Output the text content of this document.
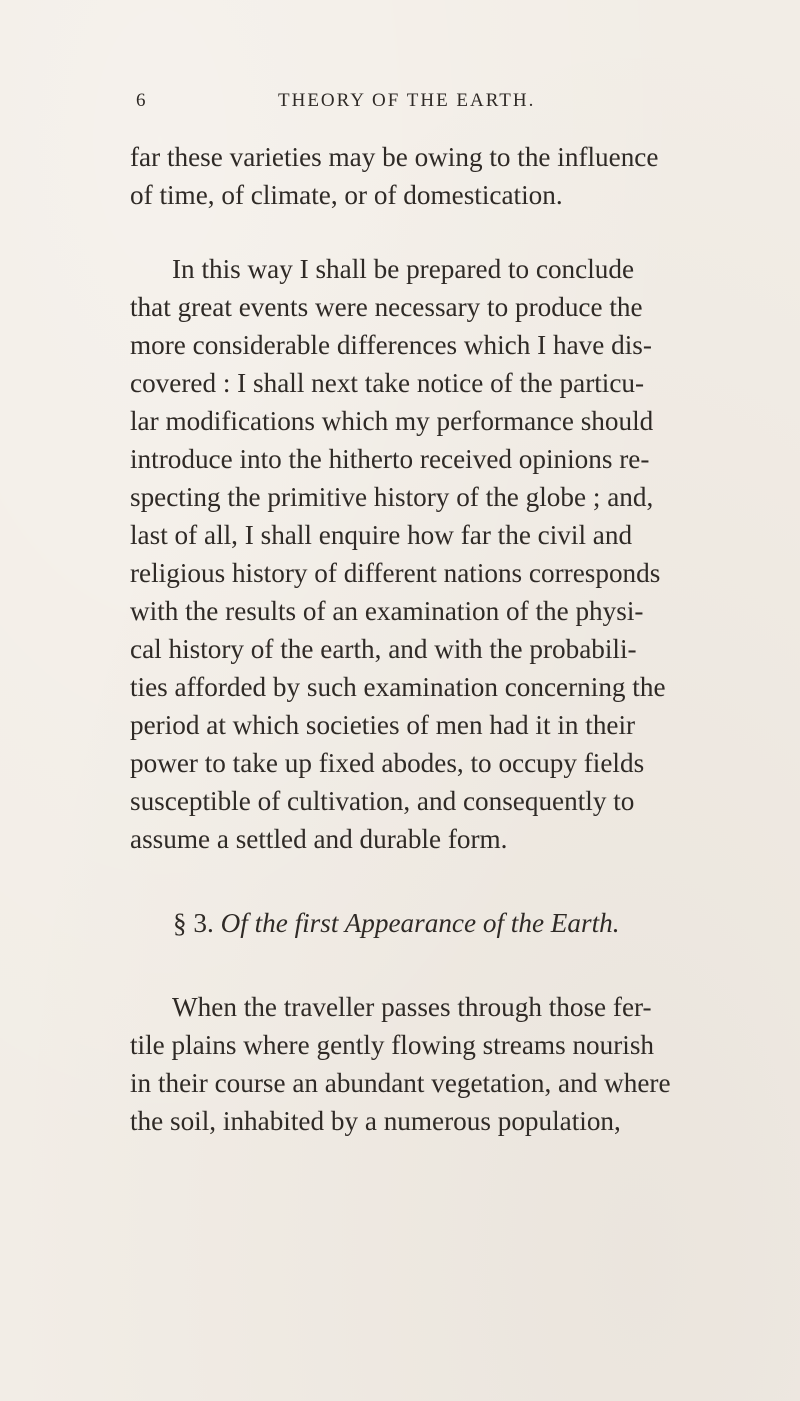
6	THEORY OF THE EARTH.
far these varieties may be owing to the influence
of time, of climate, or of domestication.
In this way I shall be prepared to conclude
that great events were necessary to produce the
more considerable differences which I have dis-
covered : I shall next take notice of the particu-
lar modifications which my performance should
introduce into the hitherto received opinions re-
specting the primitive history of the globe ; and,
last of all, I shall enquire how far the civil and
religious history of different nations corresponds
with the results of an examination of the physi-
cal history of the earth, and with the probabili-
ties afforded by such examination concerning the
period at which societies of men had it in their
power to take up fixed abodes, to occupy fields
susceptible of cultivation, and consequently to
assume a settled and durable form.
§ 3. Of the first Appearance of the Earth.
When the traveller passes through those fer-
tile plains where gently flowing streams nourish
in their course an abundant vegetation, and where
the soil, inhabited by a numerous population,
